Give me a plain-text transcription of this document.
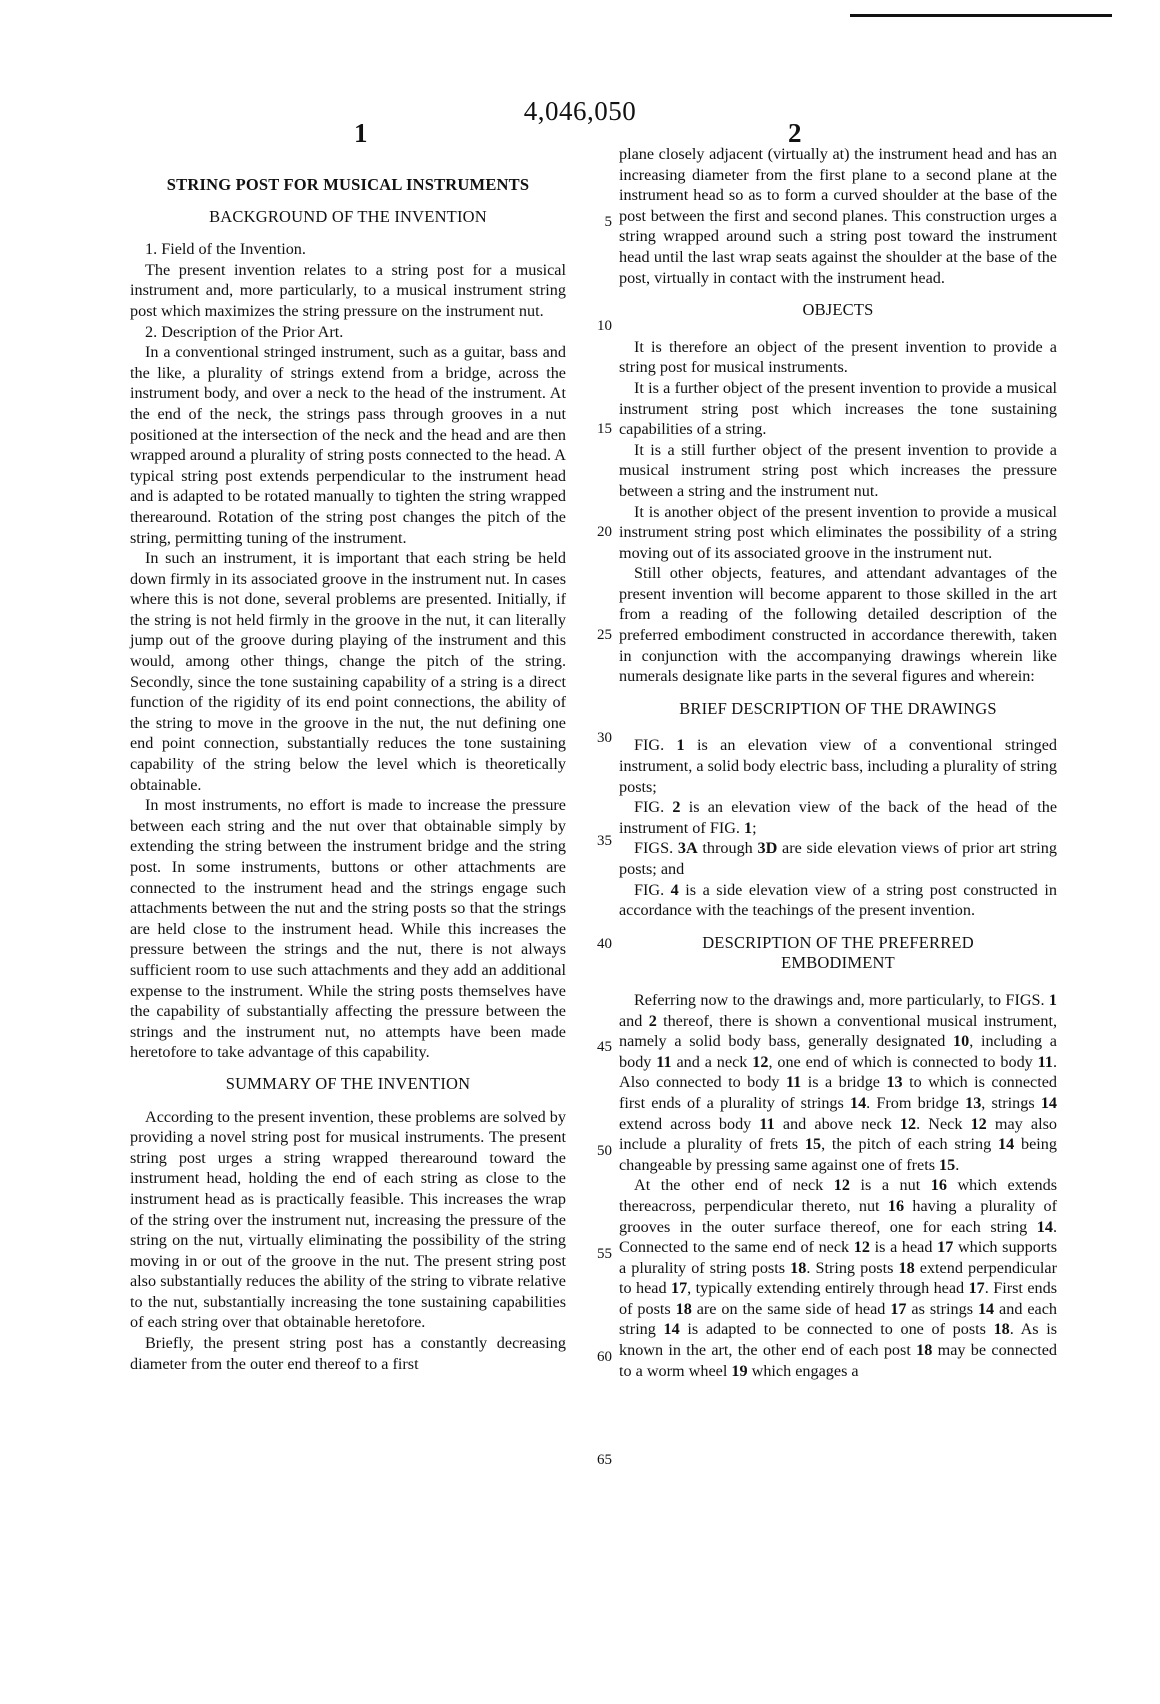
4,046,050
1	2
STRING POST FOR MUSICAL INSTRUMENTS
BACKGROUND OF THE INVENTION

1. Field of the Invention.

The present invention relates to a string post for a musical instrument and, more particularly, to a musical instrument string post which maximizes the string pressure on the instrument nut.

2. Description of the Prior Art.

In a conventional stringed instrument, such as a guitar, bass and the like, a plurality of strings extend from a bridge, across the instrument body, and over a neck to the head of the instrument. At the end of the neck, the strings pass through grooves in a nut positioned at the intersection of the neck and the head and are then wrapped around a plurality of string posts connected to the head. A typical string post extends perpendicular to the instrument head and is adapted to be rotated manually to tighten the string wrapped therearound. Rotation of the string post changes the pitch of the string, permitting tuning of the instrument.

In such an instrument, it is important that each string be held down firmly in its associated groove in the instrument nut. In cases where this is not done, several problems are presented. Initially, if the string is not held firmly in the groove in the nut, it can literally jump out of the groove during playing of the instrument and this would, among other things, change the pitch of the string. Secondly, since the tone sustaining capability of a string is a direct function of the rigidity of its end point connections, the ability of the string to move in the groove in the nut, the nut defining one end point connection, substantially reduces the tone sustaining capability of the string below the level which is theoretically obtainable.

In most instruments, no effort is made to increase the pressure between each string and the nut over that obtainable simply by extending the string between the instrument bridge and the string post. In some instruments, buttons or other attachments are connected to the instrument head and the strings engage such attachments between the nut and the string posts so that the strings are held close to the instrument head. While this increases the pressure between the strings and the nut, there is not always sufficient room to use such attachments and they add an additional expense to the instrument. While the string posts themselves have the capability of substantially affecting the pressure between the strings and the instrument nut, no attempts have been made heretofore to take advantage of this capability.

SUMMARY OF THE INVENTION

According to the present invention, these problems are solved by providing a novel string post for musical instruments. The present string post urges a string wrapped therearound toward the instrument head, holding the end of each string as close to the instrument head as is practically feasible. This increases the wrap of the string over the instrument nut, increasing the pressure of the string on the nut, virtually eliminating the possibility of the string moving in or out of the groove in the nut. The present string post also substantially reduces the ability of the string to vibrate relative to the nut, substantially increasing the tone sustaining capabilities of each string over that obtainable heretofore.

Briefly, the present string post has a constantly decreasing diameter from the outer end thereof to a first

5
10
15
20
25
30
35
40
45
50
55
60
65

plane closely adjacent (virtually at) the instrument head and has an increasing diameter from the first plane to a second plane at the instrument head so as to form a curved shoulder at the base of the post between the first and second planes. This construction urges a string wrapped around such a string post toward the instrument head until the last wrap seats against the shoulder at the base of the post, virtually in contact with the instrument head.

OBJECTS

It is therefore an object of the present invention to provide a string post for musical instruments.

It is a further object of the present invention to provide a musical instrument string post which increases the tone sustaining capabilities of a string.

It is a still further object of the present invention to provide a musical instrument string post which increases the pressure between a string and the instrument nut.

It is another object of the present invention to provide a musical instrument string post which eliminates the possibility of a string moving out of its associated groove in the instrument nut.

Still other objects, features, and attendant advantages of the present invention will become apparent to those skilled in the art from a reading of the following detailed description of the preferred embodiment constructed in accordance therewith, taken in conjunction with the accompanying drawings wherein like numerals designate like parts in the several figures and wherein:

BRIEF DESCRIPTION OF THE DRAWINGS

FIG. 1 is an elevation view of a conventional stringed instrument, a solid body electric bass, including a plurality of string posts;

FIG. 2 is an elevation view of the back of the head of the instrument of FIG. 1;

FIGS. 3A through 3D are side elevation views of prior art string posts; and

FIG. 4 is a side elevation view of a string post constructed in accordance with the teachings of the present invention.

DESCRIPTION OF THE PREFERRED
EMBODIMENT

Referring now to the drawings and, more particularly, to FIGS. 1 and 2 thereof, there is shown a conventional musical instrument, namely a solid body bass, generally designated 10, including a body 11 and a neck 12, one end of which is connected to body 11. Also connected to body 11 is a bridge 13 to which is connected first ends of a plurality of strings 14. From bridge 13, strings 14 extend across body 11 and above neck 12. Neck 12 may also include a plurality of frets 15, the pitch of each string 14 being changeable by pressing same against one of frets 15.

At the other end of neck 12 is a nut 16 which extends thereacross, perpendicular thereto, nut 16 having a plurality of grooves in the outer surface thereof, one for each string 14. Connected to the same end of neck 12 is a head 17 which supports a plurality of string posts 18. String posts 18 extend perpendicular to head 17, typically extending entirely through head 17. First ends of posts 18 are on the same side of head 17 as strings 14 and each string 14 is adapted to be connected to one of posts 18. As is known in the art, the other end of each post 18 may be connected to a worm wheel 19 which engages a
